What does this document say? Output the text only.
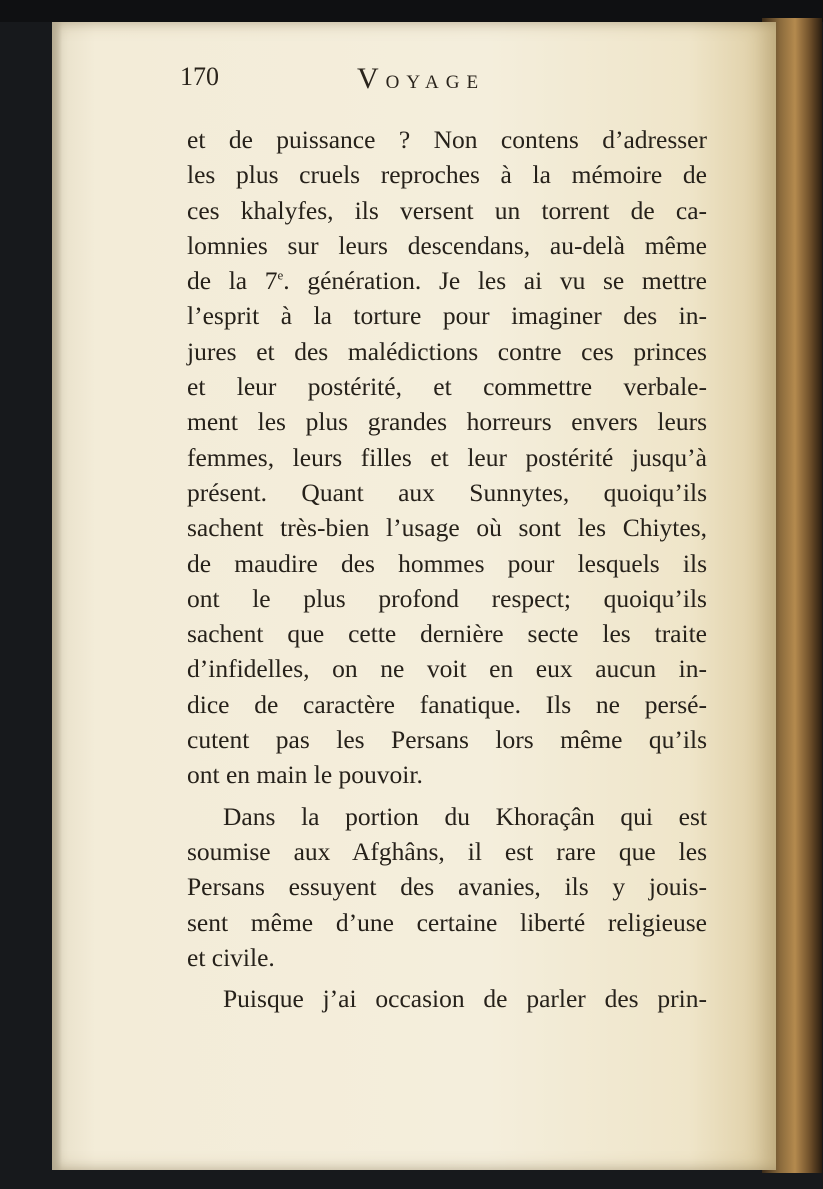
170	VOYAGE
et de puissance ? Non contens d’adresser
les plus cruels reproches à la mémoire de
ces khalyfes, ils versent un torrent de ca-
lomnies sur leurs descendans, au-delà même
de la 7e. génération. Je les ai vu se mettre
l’esprit à la torture pour imaginer des in-
jures et des malédictions contre ces princes
et leur postérité, et commettre verbale-
ment les plus grandes horreurs envers leurs
femmes, leurs filles et leur postérité jusqu’à
présent. Quant aux Sunnytes, quoiqu’ils
sachent très-bien l’usage où sont les Chiytes,
de maudire des hommes pour lesquels ils
ont le plus profond respect; quoiqu’ils
sachent que cette dernière secte les traite
d’infidelles, on ne voit en eux aucun in-
dice de caractère fanatique. Ils ne persé-
cutent pas les Persans lors même qu’ils
ont en main le pouvoir.
Dans la portion du Khoraçân qui est
soumise aux Afghâns, il est rare que les
Persans essuyent des avanies, ils y jouis-
sent même d’une certaine liberté religieuse
et civile.
Puisque j’ai occasion de parler des prin-
